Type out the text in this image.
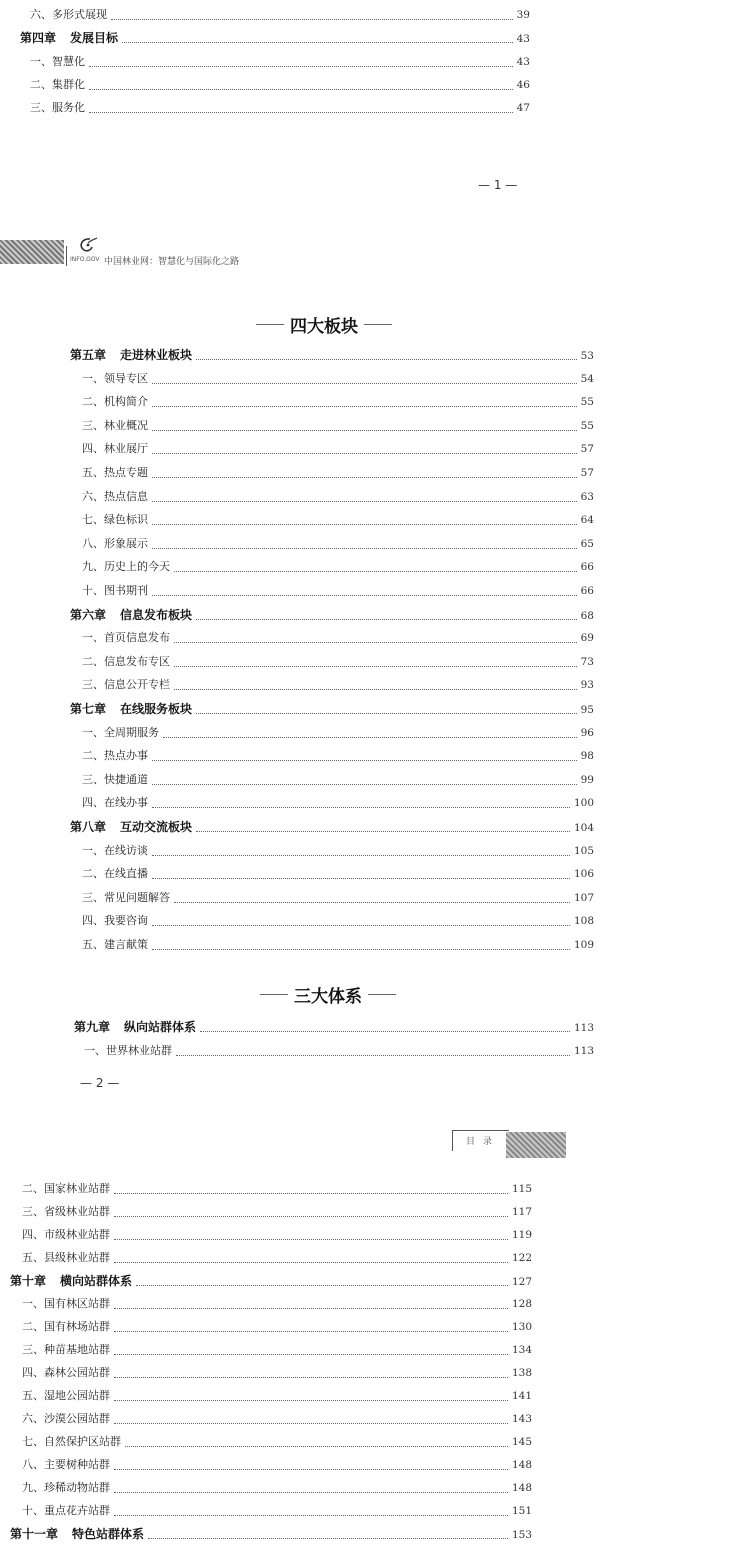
六、多形式展现	39
第四章 发展目标	43
一、智慧化	43
二、集群化	46
三、服务化	47
— 1 —
INFO.GOV 中国林业网：智慧化与国际化之路
四大板块
第五章 走进林业板块	53
一、领导专区	54
二、机构简介	55
三、林业概况	55
四、林业展厅	57
五、热点专题	57
六、热点信息	63
七、绿色标识	64
八、形象展示	65
九、历史上的今天	66
十、图书期刊	66
第六章 信息发布板块	68
一、首页信息发布	69
二、信息发布专区	73
三、信息公开专栏	93
第七章 在线服务板块	95
一、全周期服务	96
二、热点办事	98
三、快捷通道	99
四、在线办事	100
第八章 互动交流板块	104
一、在线访谈	105
二、在线直播	106
三、常见问题解答	107
四、我要咨询	108
五、建言献策	109
三大体系
第九章 纵向站群体系	113
一、世界林业站群	113
— 2 —
目录
二、国家林业站群	115
三、省级林业站群	117
四、市级林业站群	119
五、县级林业站群	122
第十章 横向站群体系	127
一、国有林区站群	128
二、国有林场站群	130
三、种苗基地站群	134
四、森林公园站群	138
五、湿地公园站群	141
六、沙漠公园站群	143
七、自然保护区站群	145
八、主要树种站群	148
九、珍稀动物站群	148
十、重点花卉站群	151
第十一章 特色站群体系	153
